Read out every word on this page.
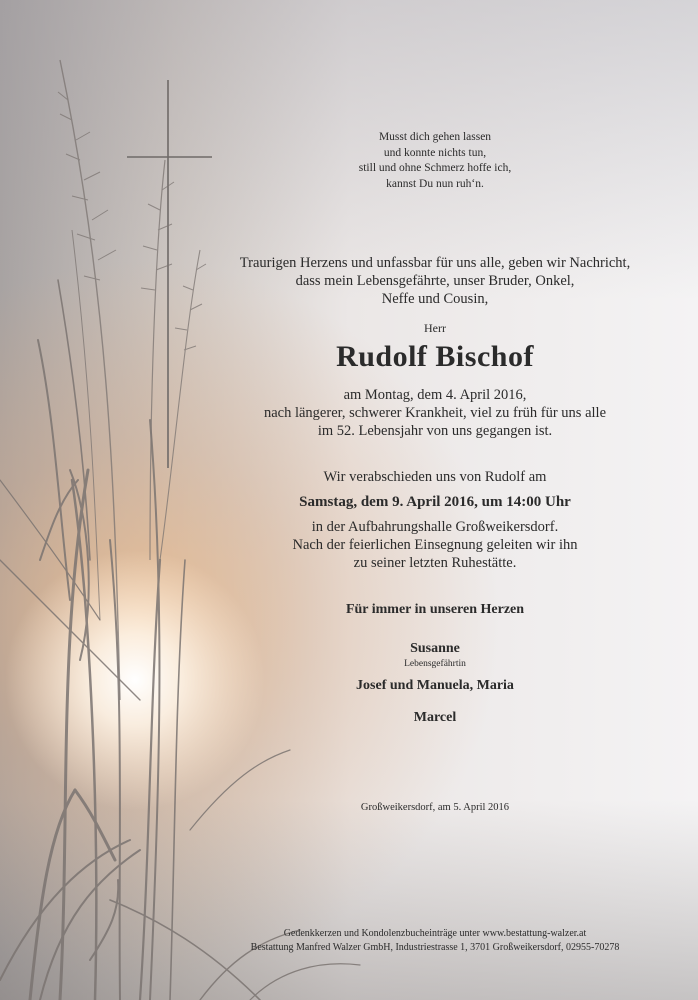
Musst dich gehen lassen
und konnte nichts tun,
still und ohne Schmerz hoffe ich,
kannst Du nun ruh‘n.
Traurigen Herzens und unfassbar für uns alle, geben wir Nachricht,
dass mein Lebensgefährte, unser Bruder, Onkel,
Neffe und Cousin,
Herr
Rudolf Bischof
am Montag, dem 4. April 2016,
nach längerer, schwerer Krankheit, viel zu früh für uns alle
im 52. Lebensjahr von uns gegangen ist.
Wir verabschieden uns von Rudolf am
Samstag, dem 9. April 2016, um 14:00 Uhr
in der Aufbahrungshalle Großweikersdorf.
Nach der feierlichen Einsegnung geleiten wir ihn
zu seiner letzten Ruhestätte.
Für immer in unseren Herzen
Susanne
Lebensgefährtin
Josef und Manuela, Maria
Marcel
Großweikersdorf, am 5. April 2016
Gedenkkerzen und Kondolenzbucheinträge unter www.bestattung-walzer.at
Bestattung Manfred Walzer GmbH, Industriestrasse 1, 3701 Großweikersdorf, 02955-70278
